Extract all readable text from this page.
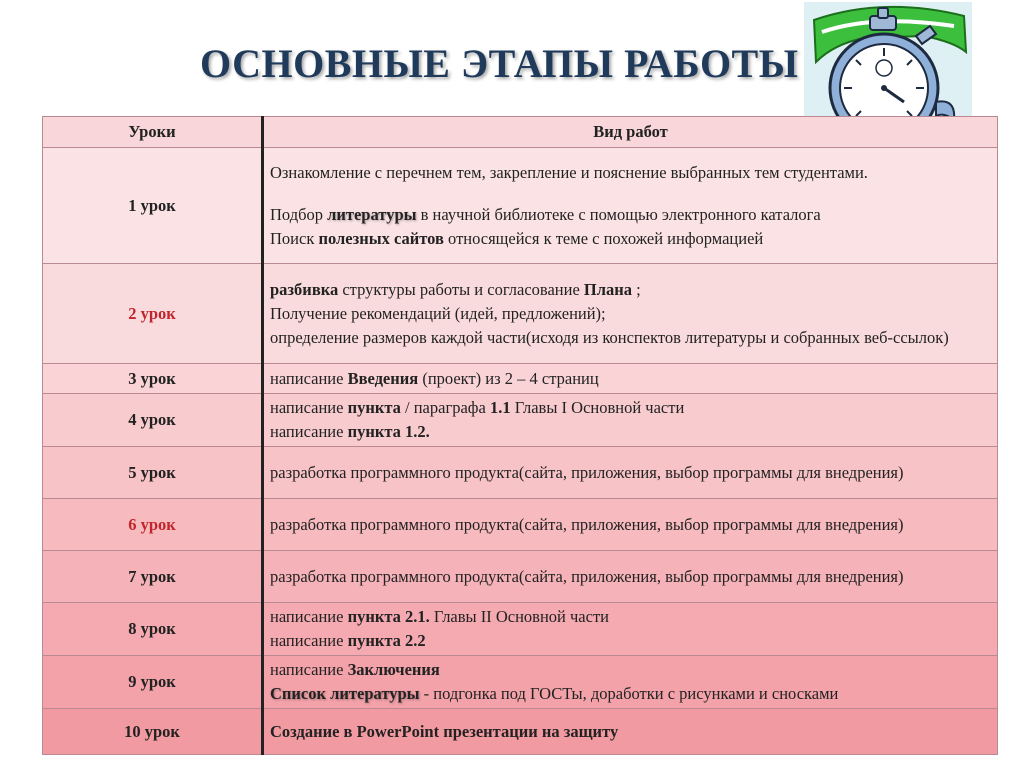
ОСНОВНЫЕ ЭТАПЫ РАБОТЫ
Уроки	Вид работ
1 урок	Ознакомление с перечнем тем, закрепление и пояснение выбранных тем студентами.
Подбор литературы в научной библиотеке с помощью электронного каталога
Поиск полезных сайтов относящейся к теме с похожей информацией

2 урок	разбивка структуры работы и согласование Плана ;
Получение рекомендаций (идей, предложений);
определение размеров каждой части(исходя из конспектов литературы и собранных веб-ссылок)

3 урок	написание Введения (проект) из 2 – 4 страниц
4 урок	написание пункта / параграфа 1.1 Главы I Основной части
написание пункта 1.2.

5 урок	разработка программного продукта(сайта, приложения, выбор программы для внедрения)
6 урок	разработка программного продукта(сайта, приложения, выбор программы для внедрения)
7 урок	разработка программного продукта(сайта, приложения, выбор программы для внедрения)
8 урок	написание пункта 2.1. Главы II Основной части
написание пункта 2.2

9 урок	написание Заключения
Список литературы - подгонка под ГОСТы, доработки с рисунками и сносками

10 урок	Создание в PowerPoint презентации на защиту
